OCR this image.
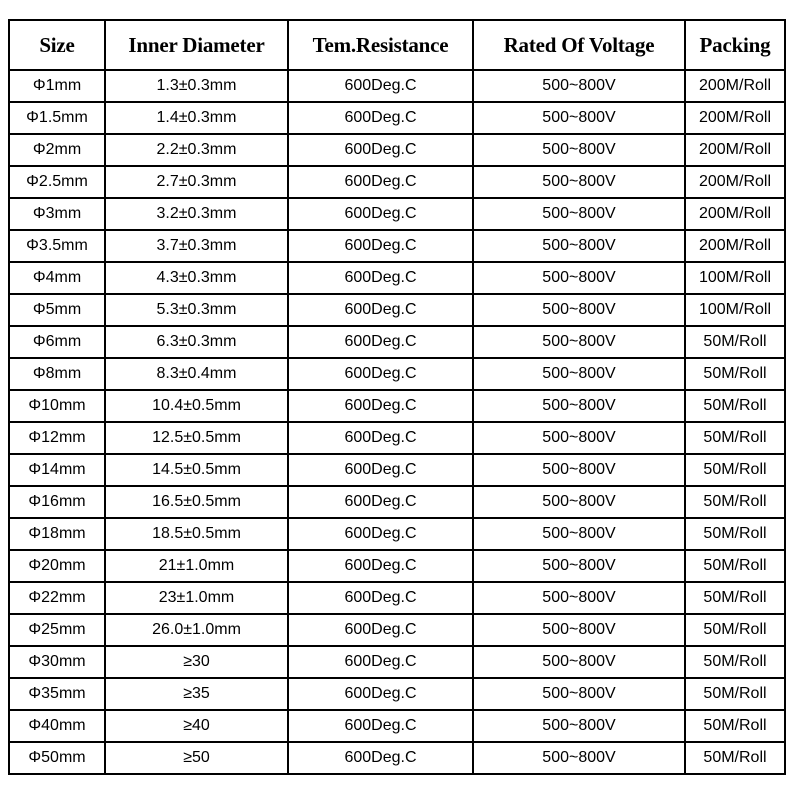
Size	Inner Diameter	Tem.Resistance	Rated Of Voltage	Packing
Φ1mm	1.3±0.3mm	600Deg.C	500~800V	200M/Roll
Φ1.5mm	1.4±0.3mm	600Deg.C	500~800V	200M/Roll
Φ2mm	2.2±0.3mm	600Deg.C	500~800V	200M/Roll
Φ2.5mm	2.7±0.3mm	600Deg.C	500~800V	200M/Roll
Φ3mm	3.2±0.3mm	600Deg.C	500~800V	200M/Roll
Φ3.5mm	3.7±0.3mm	600Deg.C	500~800V	200M/Roll
Φ4mm	4.3±0.3mm	600Deg.C	500~800V	100M/Roll
Φ5mm	5.3±0.3mm	600Deg.C	500~800V	100M/Roll
Φ6mm	6.3±0.3mm	600Deg.C	500~800V	50M/Roll
Φ8mm	8.3±0.4mm	600Deg.C	500~800V	50M/Roll
Φ10mm	10.4±0.5mm	600Deg.C	500~800V	50M/Roll
Φ12mm	12.5±0.5mm	600Deg.C	500~800V	50M/Roll
Φ14mm	14.5±0.5mm	600Deg.C	500~800V	50M/Roll
Φ16mm	16.5±0.5mm	600Deg.C	500~800V	50M/Roll
Φ18mm	18.5±0.5mm	600Deg.C	500~800V	50M/Roll
Φ20mm	21±1.0mm	600Deg.C	500~800V	50M/Roll
Φ22mm	23±1.0mm	600Deg.C	500~800V	50M/Roll
Φ25mm	26.0±1.0mm	600Deg.C	500~800V	50M/Roll
Φ30mm	≥30	600Deg.C	500~800V	50M/Roll
Φ35mm	≥35	600Deg.C	500~800V	50M/Roll
Φ40mm	≥40	600Deg.C	500~800V	50M/Roll
Φ50mm	≥50	600Deg.C	500~800V	50M/Roll
